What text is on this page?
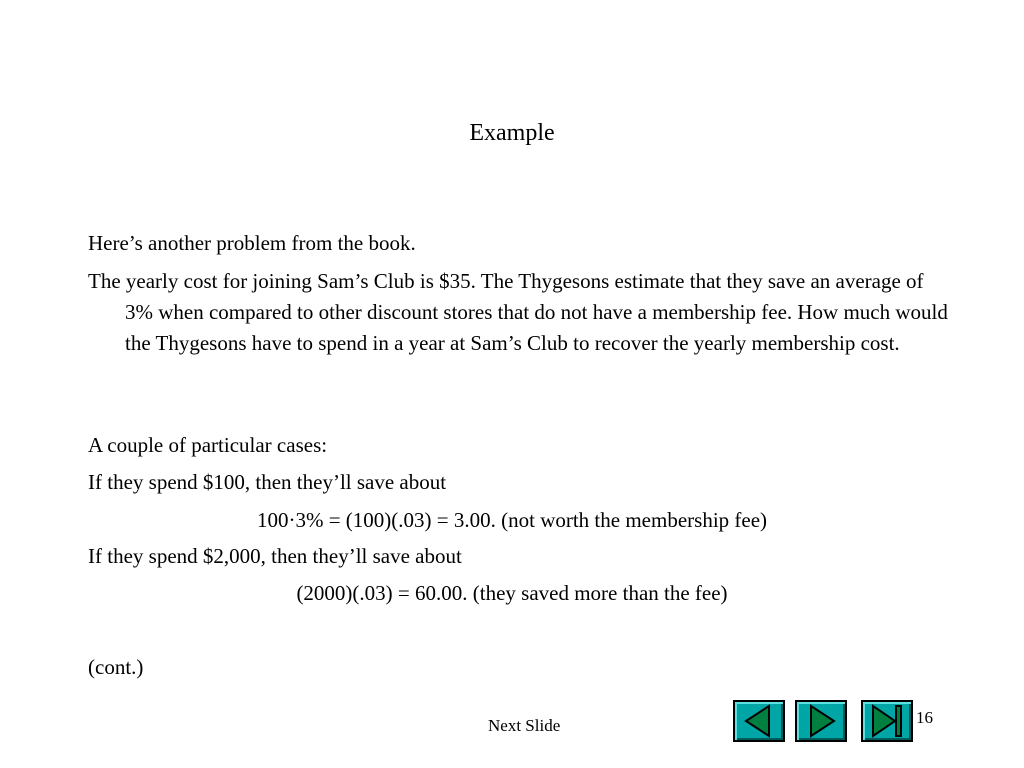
Example
Here’s another problem from the book.
The yearly cost for joining Sam’s Club is $35. The Thygesons estimate that they save an average of 3% when compared to other discount stores that do not have a membership fee. How much would the Thygesons have to spend in a year at Sam’s Club to recover the yearly membership cost.
A couple of particular cases:
If they spend $100, then they’ll save about
100·3% = (100)(.03) = 3.00. (not worth the membership fee)
If they spend $2,000, then they’ll save about
(2000)(.03) = 60.00. (they saved more than the fee)
(cont.)
Next Slide	16
